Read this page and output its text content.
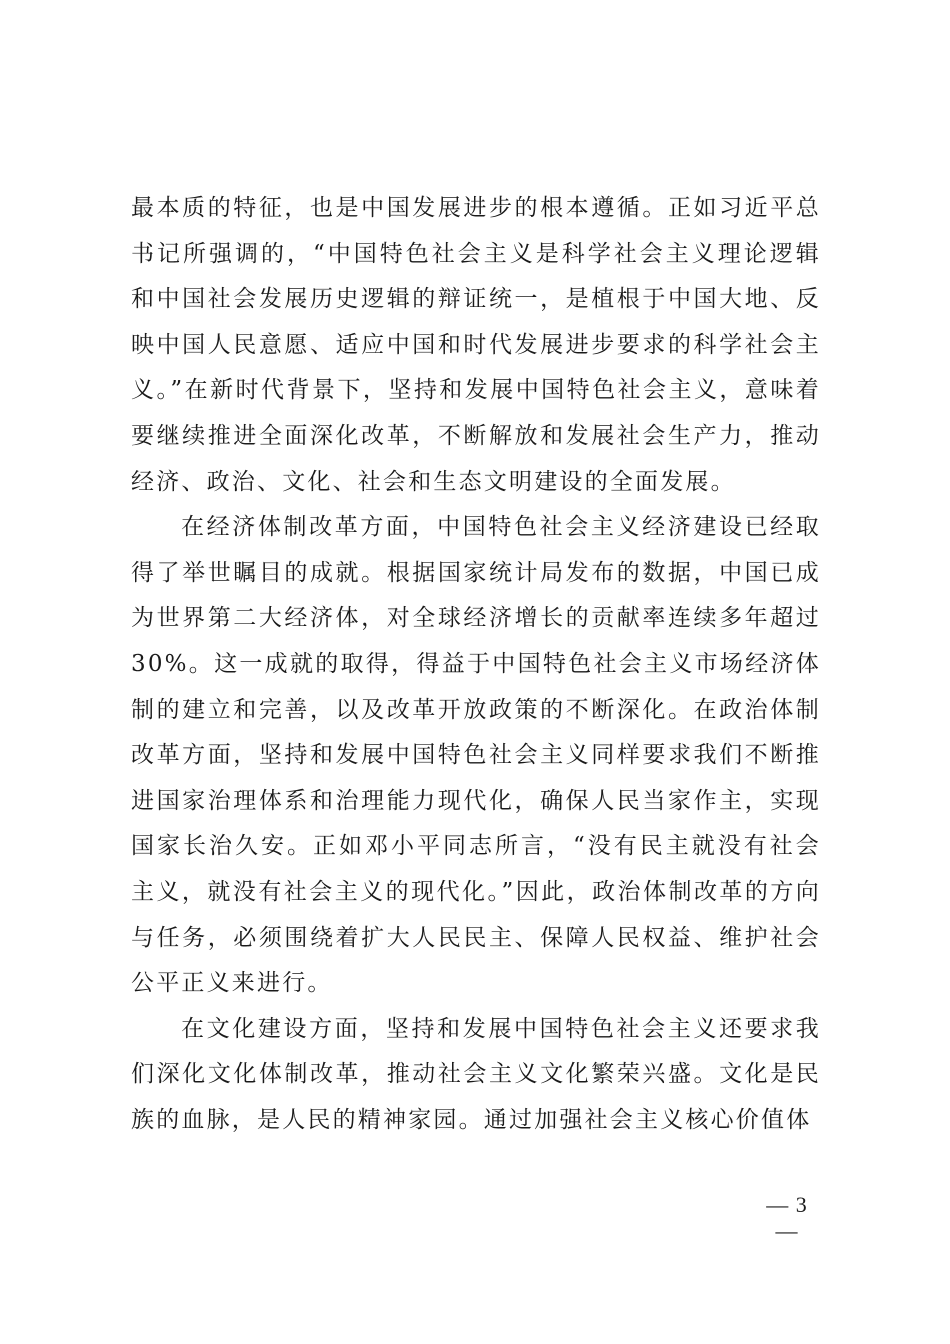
最本质的特征，也是中国发展进步的根本遵循。正如习近平总书记所强调的，“中国特色社会主义是科学社会主义理论逻辑和中国社会发展历史逻辑的辩证统一，是植根于中国大地、反映中国人民意愿、适应中国和时代发展进步要求的科学社会主义。”在新时代背景下，坚持和发展中国特色社会主义，意味着要继续推进全面深化改革，不断解放和发展社会生产力，推动经济、政治、文化、社会和生态文明建设的全面发展。

在经济体制改革方面，中国特色社会主义经济建设已经取得了举世瞩目的成就。根据国家统计局发布的数据，中国已成为世界第二大经济体，对全球经济增长的贡献率连续多年超过30%。这一成就的取得，得益于中国特色社会主义市场经济体制的建立和完善，以及改革开放政策的不断深化。在政治体制改革方面，坚持和发展中国特色社会主义同样要求我们不断推进国家治理体系和治理能力现代化，确保人民当家作主，实现国家长治久安。正如邓小平同志所言，“没有民主就没有社会主义，就没有社会主义的现代化。”因此，政治体制改革的方向与任务，必须围绕着扩大人民民主、保障人民权益、维护社会公平正义来进行。

在文化建设方面，坚持和发展中国特色社会主义还要求我们深化文化体制改革，推动社会主义文化繁荣兴盛。文化是民族的血脉，是人民的精神家园。通过加强社会主义核心价值体

— 3 —
